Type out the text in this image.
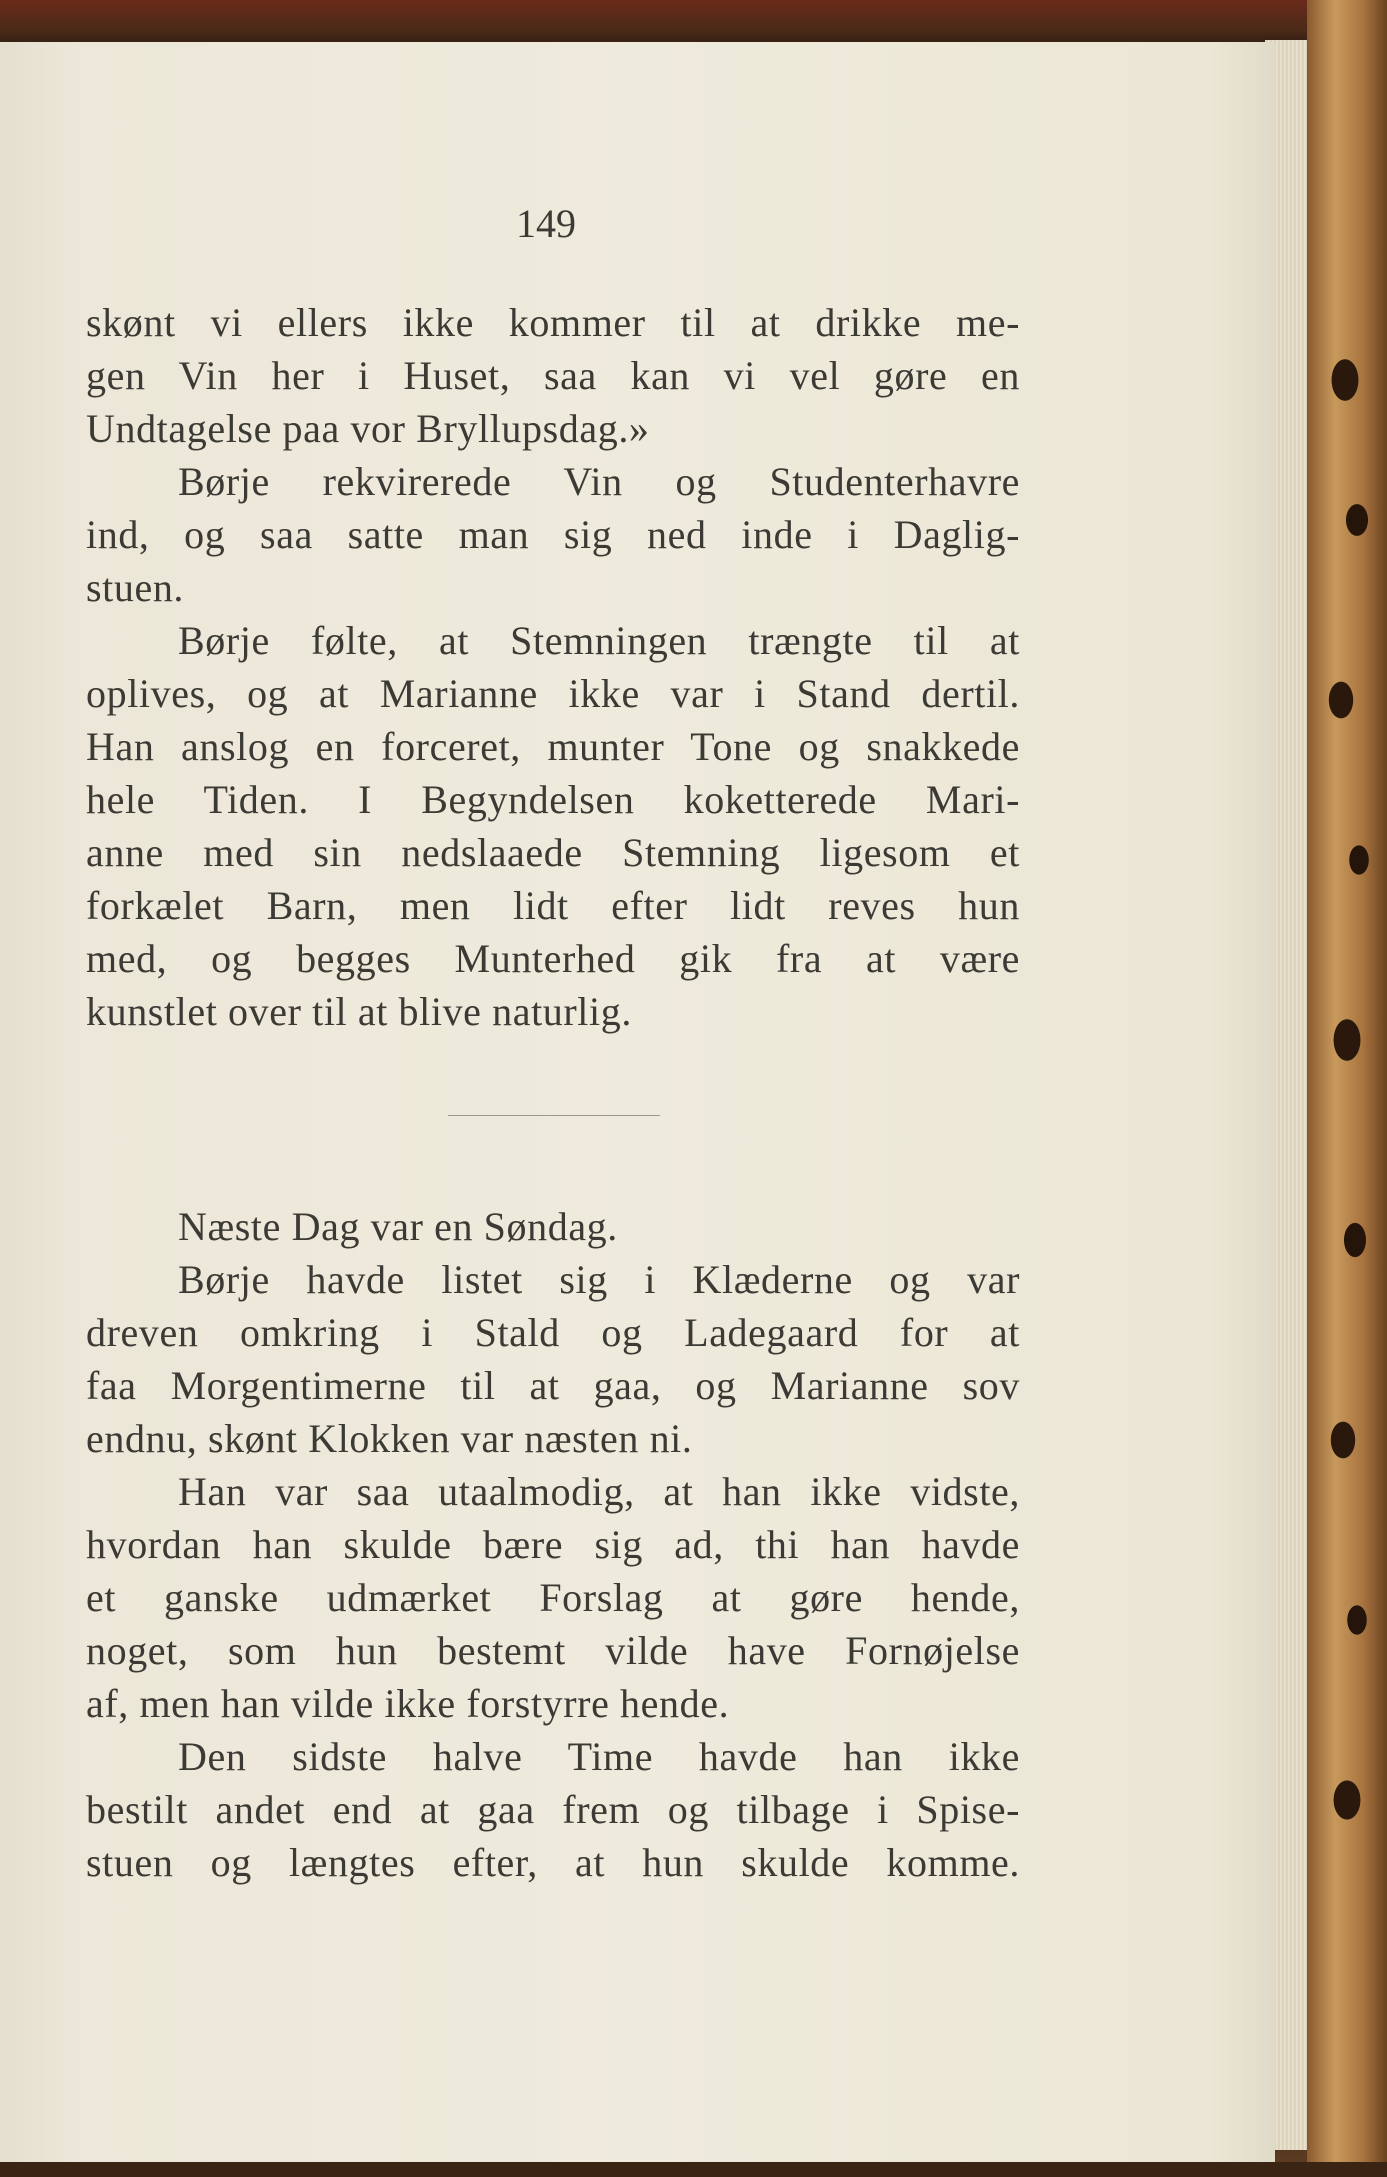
149
skønt vi ellers ikke kommer til at drikke me-
gen Vin her i Huset, saa kan vi vel gøre en
Undtagelse paa vor Bryllupsdag.»
Børje rekvirerede Vin og Studenterhavre
ind, og saa satte man sig ned inde i Daglig-
stuen.
Børje følte, at Stemningen trængte til at
oplives, og at Marianne ikke var i Stand dertil.
Han anslog en forceret, munter Tone og snakkede
hele Tiden. I Begyndelsen koketterede Mari-
anne med sin nedslaaede Stemning ligesom et
forkælet Barn, men lidt efter lidt reves hun
med, og begges Munterhed gik fra at være
kunstlet over til at blive naturlig.
Næste Dag var en Søndag.
Børje havde listet sig i Klæderne og var
dreven omkring i Stald og Ladegaard for at
faa Morgentimerne til at gaa, og Marianne sov
endnu, skønt Klokken var næsten ni.
Han var saa utaalmodig, at han ikke vidste,
hvordan han skulde bære sig ad, thi han havde
et ganske udmærket Forslag at gøre hende,
noget, som hun bestemt vilde have Fornøjelse
af, men han vilde ikke forstyrre hende.
Den sidste halve Time havde han ikke
bestilt andet end at gaa frem og tilbage i Spise-
stuen og længtes efter, at hun skulde komme.
